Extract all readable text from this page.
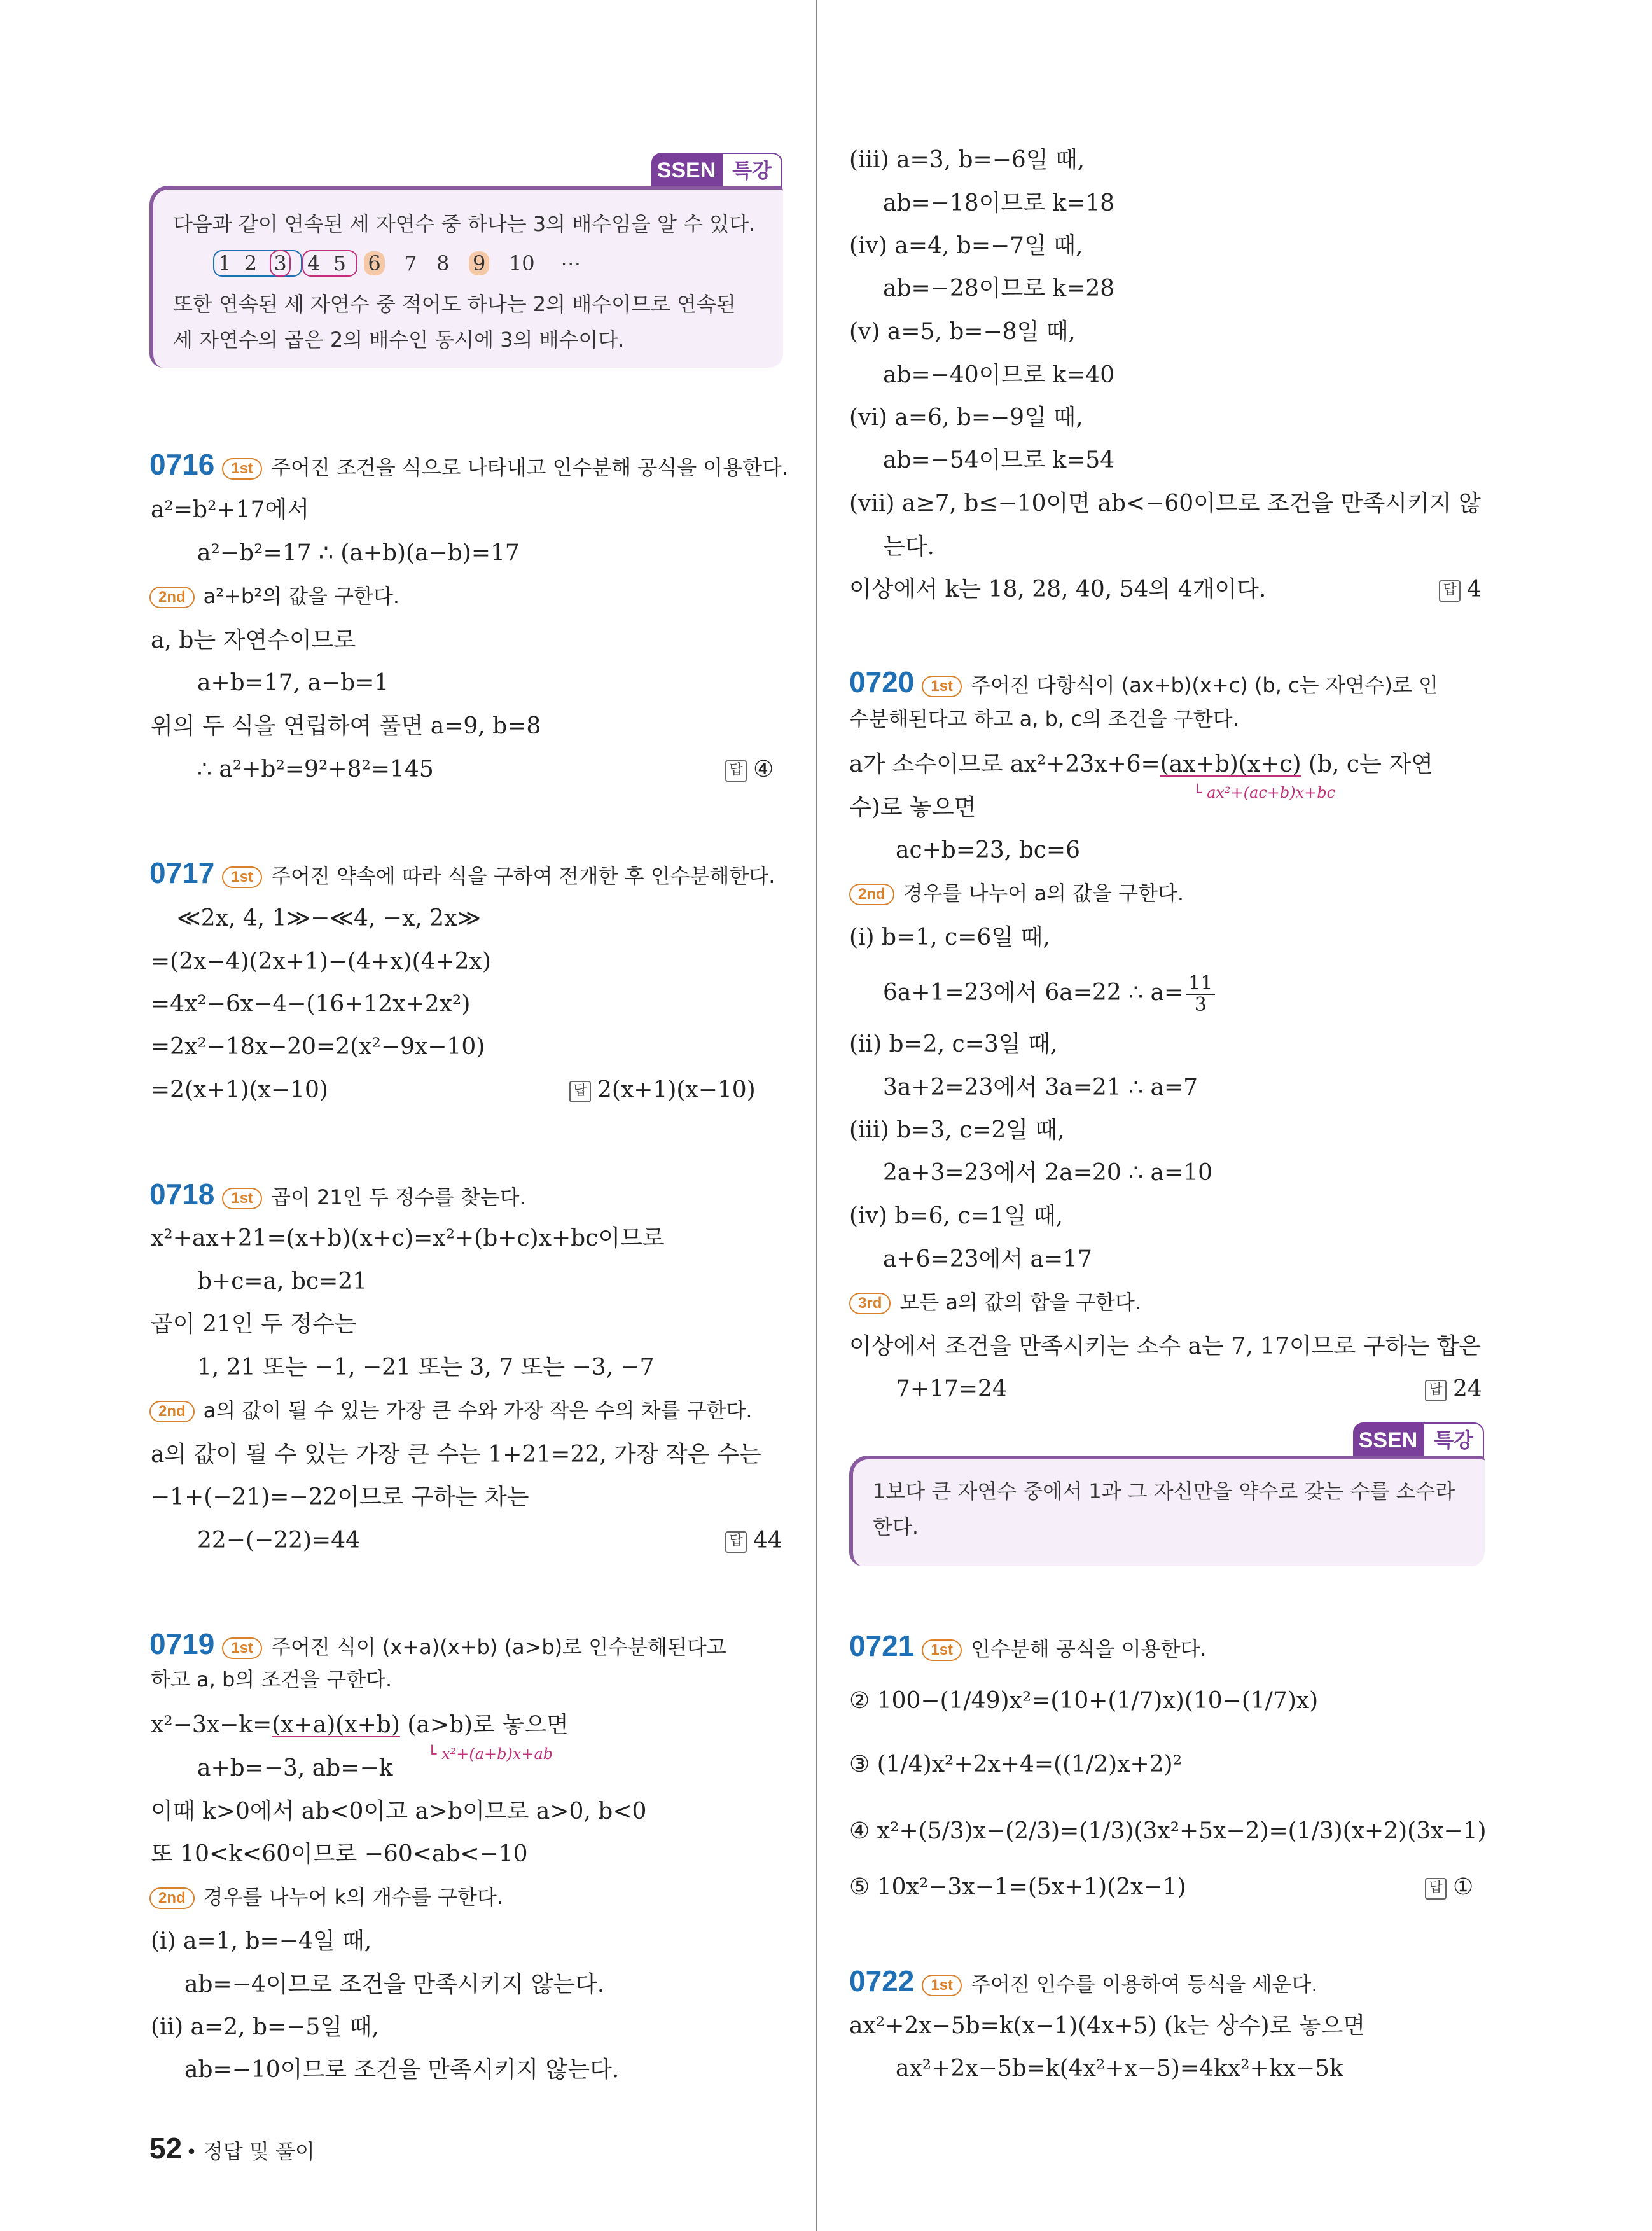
SSEN 특강
다음과 같이 연속된 세 자연수 중 하나는 3의 배수임을 알 수 있다.
1 2 3 4 5 6 7 8 9 10 ⋯
또한 연속된 세 자연수 중 적어도 하나는 2의 배수이므로 연속된
세 자연수의 곱은 2의 배수인 동시에 3의 배수이다.
0716 1st 주어진 조건을 식으로 나타내고 인수분해 공식을 이용한다.
a²=b²+17에서
a²−b²=17 ∴ (a+b)(a−b)=17
2nd a²+b²의 값을 구한다.
a, b는 자연수이므로
a+b=17, a−b=1
위의 두 식을 연립하여 풀면 a=9, b=8
∴ a²+b²=9²+8²=145	답 ④
0717 1st 주어진 약속에 따라 식을 구하여 전개한 후 인수분해한다.
≪2x, 4, 1≫−≪4, −x, 2x≫
=(2x−4)(2x+1)−(4+x)(4+2x)
=4x²−6x−4−(16+12x+2x²)
=2x²−18x−20=2(x²−9x−10)
=2(x+1)(x−10)	답 2(x+1)(x−10)
0718 1st 곱이 21인 두 정수를 찾는다.
x²+ax+21=(x+b)(x+c)=x²+(b+c)x+bc이므로
b+c=a, bc=21
곱이 21인 두 정수는
1, 21 또는 −1, −21 또는 3, 7 또는 −3, −7
2nd a의 값이 될 수 있는 가장 큰 수와 가장 작은 수의 차를 구한다.
a의 값이 될 수 있는 가장 큰 수는 1+21=22, 가장 작은 수는
−1+(−21)=−22이므로 구하는 차는
22−(−22)=44	답 44
0719 1st 주어진 식이 (x+a)(x+b) (a>b)로 인수분해된다고
하고 a, b의 조건을 구한다.
x²−3x−k=(x+a)(x+b) (a>b)로 놓으면
└ x²+(a+b)x+ab
a+b=−3, ab=−k
이때 k>0에서 ab<0이고 a>b이므로 a>0, b<0
또 10<k<60이므로 −60<ab<−10
2nd 경우를 나누어 k의 개수를 구한다.
(ⅰ) a=1, b=−4일 때,
ab=−4이므로 조건을 만족시키지 않는다.
(ⅱ) a=2, b=−5일 때,
ab=−10이므로 조건을 만족시키지 않는다.
52 • 정답 및 풀이
(ⅲ) a=3, b=−6일 때,
ab=−18이므로 k=18
(ⅳ) a=4, b=−7일 때,
ab=−28이므로 k=28
(ⅴ) a=5, b=−8일 때,
ab=−40이므로 k=40
(ⅵ) a=6, b=−9일 때,
ab=−54이므로 k=54
(ⅶ) a≥7, b≤−10이면 ab<−60이므로 조건을 만족시키지 않
는다.
이상에서 k는 18, 28, 40, 54의 4개이다.	답 4
0720 1st 주어진 다항식이 (ax+b)(x+c) (b, c는 자연수)로 인
수분해된다고 하고 a, b, c의 조건을 구한다.
a가 소수이므로 ax²+23x+6=(ax+b)(x+c) (b, c는 자연
└ ax²+(ac+b)x+bc
수)로 놓으면
ac+b=23, bc=6
2nd 경우를 나누어 a의 값을 구한다.
(ⅰ) b=1, c=6일 때,
6a+1=23에서 6a=22 ∴ $a= \frac{11}{3}$
(ⅱ) b=2, c=3일 때,
3a+2=23에서 3a=21 ∴ a=7
(ⅲ) b=3, c=2일 때,
2a+3=23에서 2a=20 ∴ a=10
(ⅳ) b=6, c=1일 때,
a+6=23에서 a=17
3rd 모든 a의 값의 합을 구한다.
이상에서 조건을 만족시키는 소수 a는 7, 17이므로 구하는 합은
7+17=24	답 24
SSEN 특강
1보다 큰 자연수 중에서 1과 그 자신만을 약수로 갖는 수를 소수라
한다.
0721 1st 인수분해 공식을 이용한다.
② 100−(1/49)x²=(10+(1/7)x)(10−(1/7)x)
③ (1/4)x²+2x+4=((1/2)x+2)²
④ x²+(5/3)x−(2/3)=(1/3)(3x²+5x−2)=(1/3)(x+2)(3x−1)
⑤ 10x²−3x−1=(5x+1)(2x−1)	답 ①
0722 1st 주어진 인수를 이용하여 등식을 세운다.
ax²+2x−5b=k(x−1)(4x+5) (k는 상수)로 놓으면
ax²+2x−5b=k(4x²+x−5)=4kx²+kx−5k
